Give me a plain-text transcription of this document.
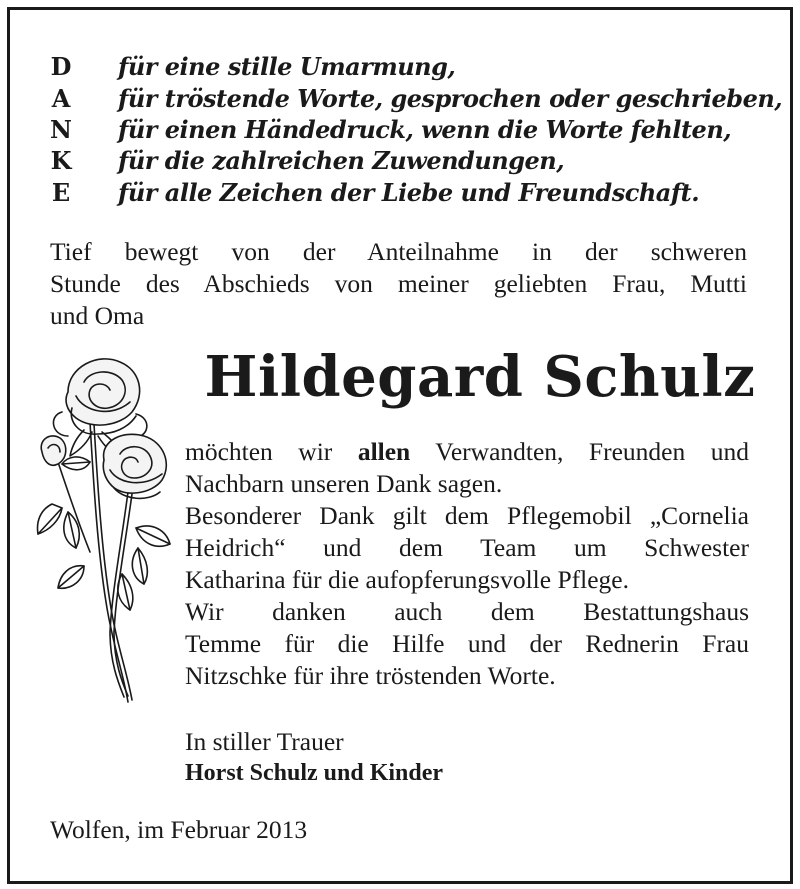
D
A
N
K
E
für eine stille Umarmung,
für tröstende Worte, gesprochen oder geschrieben,
für einen Händedruck, wenn die Worte fehlten,
für die zahlreichen Zuwendungen,
für alle Zeichen der Liebe und Freundschaft.
Tief bewegt von der Anteilnahme in der schweren
Stunde des Abschieds von meiner geliebten Frau, Mutti
und Oma
Hildegard Schulz
möchten wir allen Verwandten, Freunden und
Nachbarn unseren Dank sagen.
Besonderer Dank gilt dem Pflegemobil „Cornelia
Heidrich“ und dem Team um Schwester
Katharina für die aufopferungsvolle Pflege.
Wir danken auch dem Bestattungshaus
Temme für die Hilfe und der Rednerin Frau
Nitzschke für ihre tröstenden Worte.
In stiller Trauer
Horst Schulz und Kinder
Wolfen, im Februar 2013
